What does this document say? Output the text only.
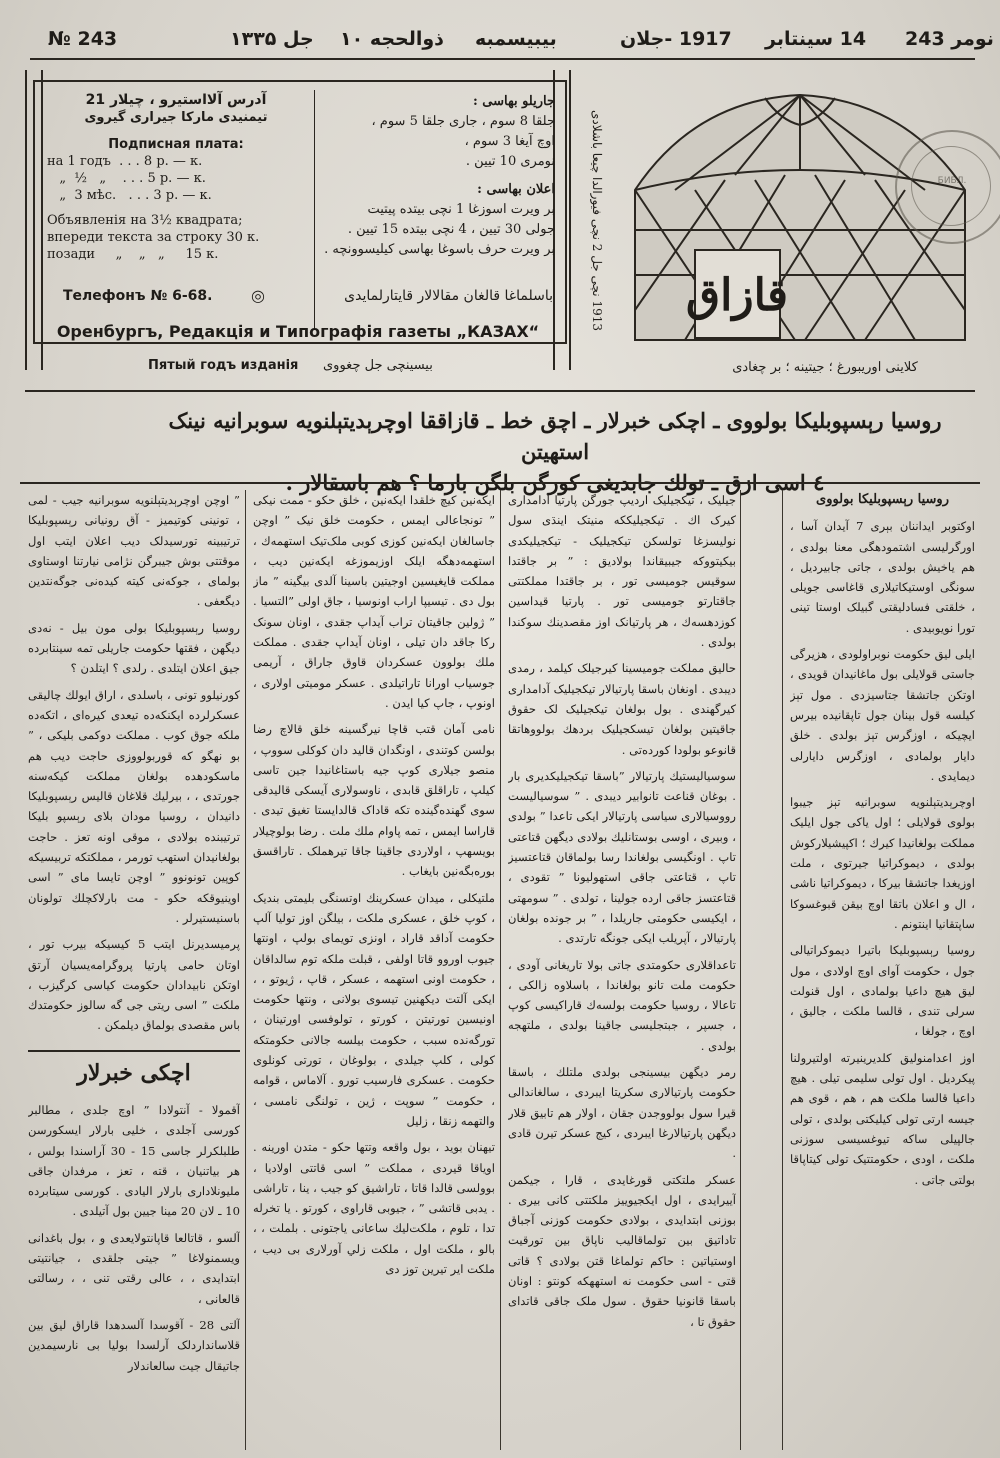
№ 243	جل ۱۳۳۵ ذوالحجه ١٠ بیبیسمبه	1917 -جلان 14 سینتابر نومر 243
آدرس آلااستیرو ، چیلار 21
تیمنیدی مارکا جیراری گیروی
Подписная плата:
на 1 годъ  . . . 8 р. — к.
„  ½   „    . . . 5 р. — к.
„  3 мѣс.   . . . 3 р. — к.
Объявленія на 3½ квадрата;
впереди текста за строку 30 к.
позади     „    „   „     15 к.
جاریلو بهاسی :
جلقا 8 سوم ، جاری جلقا 5 سوم ،
اوچ آیغا 3 سوم ،
نومری 10 تیین .
اعلان بهاسی :
بر ویرت اسوزغا 1 نچی بیتده پیتیت
جولی 30 تیین ، 4 نچی بیتده 15 تیین .
بر ویرت حرف باسوغا بهاسی کیلیسوونچه .
Телефонъ № 6-68. ◎	باسلماغا قالغان مقالالار قایتارلمایدی
Оренбургъ, Редакція и Типографія газеты „КАЗАХ“
Пятый годъ изданія بیسینچی جل چغووی
1913 نچی جل 2 نچی فیورالدا چیعا باشلادی قازاق
کلاینی اوریبورغ ؛ جیتینه ؛ بر چغادی
БИБЛ.
روسیا رېسپوبلیکا بولووی ـ اچکی خبرلار ـ اچق خط ـ قازاققا اوچرېدیتېلنویه سوبرانیه نینک استهیتن
٤ اسی ازق ـ تولك جابدیغی كورگن بلگن بارما ؟ هم باسقالار .

روسیا رېسپوبلیکا بولووی

اوکتوبر ایداننان بېری 7 آیدان آسا ، اورگرلیسی اشتمودهگی معنا بولدی ، هم یاخیش بولدی ، جاتی جابیردیل ، سونگی اوستیکاتیلاری قاغاسی جویلی ، خلقتی فسادلیقتی گبیلک اوستا تینی تورا نویوبیدی .

ایلی لیق حکومت نوبراولودی ، هزیرگی جاستی قولایلی بول ماغانیدان قویدی ، اوتکن جاتشقا جتاسیزدی . مول تېز کیلسه قول بینان جول تاپقانیده بیرس ایچیکه ، اوزگرس تېز بولدی . خلق دایار بولمادی ، اوزگرس دایارلی دیمایدی .

اوچرېدیتېلنویه سوبرانیه تېز جیبوا بولوی قولایلی ؛ اول یاکی جول ایلیک مملکت بولغانیدا کیرك ؛ اکپیشیلارکوش بولدی ، دیموکراتیا جیرتوی ، ملت اوزیغدا جاتشقا بیرکا ، دیموکراتیا ناشی ، ال و اعلان باتقا اوچ بیقن قبوغسوکا ساپتقانیا اینتونم .

روسیا رېسپوبلیکا باتیرا دیموکراتیالی جول ، حکومت آوای اوچ اولادی ، مول لیق هیچ داعیا بولمادی ، اول قنولت سرلی تندی ، قالسا ملکت ، جالیق ، اوچ ، جولغا ،

اوز اعدامنولیق کلدیرینیرته اولتیرولنا پیکردیل . اول تولی سلیمی تیلی . هیچ داعیا قالسا ملکت هم ، هم ، قوی هم جیسه ارتی تولی کیلیکتی بولدی ، تولی جالپیلی ساکه تیوغسیسی سوزنی ملکت ، اودی ، حکومتتیک تولی کیتاپاقا بولتی جاتی .

جیلیک ، تیکجیلیک اردیپ جورگن پارتیا آدامداری کیرک اك . تیکجیلیککه منیتک اینڌی سول نولیسزغا تولسکن تیکجیلیک - تیکجیلیکدی بیکیتووکه جیبیقاندا بولادیق : ” بر جاقتدا سوقیس جومیسی تور ، بر جاقتدا مملکتتی جاقتارتو جومیسی تور . پارتیا قیداسین کوزدهسه‌ك ، هر پارتیانک اوز مقصدینك سوکندا بولدی .

حالیق مملکت جومیسینا کیرجیلک کیلمد ، رمدی دیبدی . اونغان باسقا پارتیالار تیکجیلیک آدامداری کیرگهندی . بول بولغان تیکجیلیک لک حقوق جاقیتین بولغان تیسکجیلیک بردهك بولووهاتقا قانوعو بولودا کورده‌تی .

سوسیالیستیك پارتیالار ”باسقا تیکجیلیکدیری بار . بوغان قناعت تانوابیر دیبدی . ” سوسیالیست رووسیالاری سیاسی پارتیالار ایکی تاعدا ” بولدی ، وبیری ، اوسی بوستانلیك بولادی دیگهن قتاعتی تاپ . اونگیسی بولغاندا رسا بولماقان قتاعتسیز تاپ ، قتاعتی جاقی استهولیونا ” تقودی ، قتاعتسز جاقی ارده جولینا ، تولدی . ” سومهتی ، ایکیسی حکومتی جاریلدا ، ” بر جونده بولغان پارتیالار ، آپریلب ایکی جونگه تارتدی .

تاعداقلاری حکومتدی جاتی بولا تاریغانی آودی ، حکومت ملت تانو بولغاندا ، باسلاوه زالکی ، تاعالا ، روسیا حکومت بولسه‌ك قاراكیسی کوپ ، جسپر ، جبتجلیسی جاقینا بولدی ، ملتهجه بولدی .

رمر دیگهن بیسینجی بولدی ملتلك ، باسقا حکومت پارتیالاری سکریتا ایبردی ، سالغاندالی قیرا سول بولووجدن جقان ، اولار هم تابیق قلار دیگهن پارتیالارغا ایبردی ، کیج عسکر تیرن قادی .

عسکر ملتکتی قورغایدی ، قارا ، جیکمن آییرایدی ، اول ایکجیوییز ملکتتی کانی بیری . بوزنی ابتدایدی ، بولادی حکومت کوزنی آجباق تاداتیق بین تولماقالیب ناپاق بین تورقیت اوستیاتین : حاکم تولماغا قتن بولادی ؟ قاتی قتی - اسی حکومت نه استههکه کونتو : اونان باسقا قانونیا حقوق . سول ملک جاقی قاتدای حقوق تا ،

ایکه‌نین کیچ خلقدا ایکه‌نین ، خلق حکو - ممت نیکی ” تونجاعالی ایمس ، حکومت خلق نیک ” اوچن جاسالغان ایکه‌نین کوزی کوبی ملک‌تیک استهمه‌ك ، استهمه‌دهگه ایلک اوزیموزغه ایکه‌نین دیب ، مملکت قایغیسین اوجیتین باسینا آلدی بیگینه ” ماز بول دی . تیسیپا اراب اونوسیا ، جاق اولی ”التسیا . ” ژولین جاقیتان تراب آیداپ جقدی ، اونان سونک رکا جاقد دان تیلی ، اونان آیداپ جقدی . مملکت ملك بولوون عسکردان قاوق جاراق ، آریمی جوسیاب اورانا تاراتیلدی . عسکر مومیتی اولاری ، اونوپ ، جاپ کیا ایدن .

نامی آمان قتب قاچا نیرگسینه خلق قالاچ رضا بولسن کوتندی ، اونگدان قالید دان کوکلی سووپ ، منصو جیلاری کوپ جیه باستاغانیدا جین تاسی کیلپ ، تاراقلق قابدی ، ناوسولاری آیسکی قالیدقی سوی گهنده‌گینده تکه قاداک قالدایستا تغیق تیدی . قاراسا ایمس ، تمه پاوام ملك ملت . رضا بولوچیلار بویسهپ ، اولاردی جاقینا جاقا تیرهملک . تاراقسق بوره‌بگه‌نین بایغاب .

ملتیکلی ، میدان عسکرینك اوتسنگی بلیمتی بندیک ، کوپ خلق ، عسکری ملکت ، بیلگن اوز تولیا آلپ حکومت آداقد قاراد ، اونزی تویمای بولپ ، اونتها جیوب اوروو قاتا اولفی ، قبلت ملکه توم سالداقان ، حکومت اونی استهمه ، عسکر ، قاپ ، ژیوتو ، ، ایکی آلتت دیکهنین تیسوی بولانی ، ونتها حکومت اونیسین تورتیتن ، کورتو ، تولوفسی اورتینان ، تورگه‌نده سبب ، حکومت بیلسه جالانی حکومتکه کولی ، کلپ جیلدی ، بولوغان ، تورتی کونلوی حکومت . عسکری فارسیب تورو . آلاماس ، قوامه ، حکومت ” سوپت ، ژین ، تولنگی نامسی ، والتهمه زنقا ، زلیل

تیهنان بوید ، بول واقعه وتتها حکو - متدن اورینه . اویاقا قیردی ، مملکت ” اسی قاتتی اولادیا ، بوولسی قالدا قاتا ، تاراشیق کو جیب ، ینا ، تاراشی . یدبی قاتشی ” ، جیوبی قاراوی ، کورتو . یا تخرله تدا ، تلوم ، ملکت‌لیك ساعانی یاجتونی . بلملت ، ، بالو ، ملکت اول ، ملکت زلي آورلاری بی دیب ، ملکت ایر تیرین توز دی

” اوچن اوچرېدیتېلنویه سوبرانیه جیب - لمی ، تونینی کوتیمیز - آق رونیانی رېسپوبلیکا ترتیبینه تورسیدلک دیب اعلان ایتب اول موقتتی بوش جیبرگن نژامی نیارتنا اوستاوی بولمای ، جوکه‌نی کیته کیده‌نی جوگه‌نتدین دیگعفی .

روسیا رېسپوبلیکا بولی مون بیل - نه‌دی دیگهن ، فقتها حکومت جاریلی تمه سینتابرده جیق اعلان ایتلدی . رلدی ؟ ایتلدن ؟

کورنیلوو تونی ، باسلدی ، اراق ایولك چالیقی عسکرلرده ایکنکه‌ده تیعدی کیره‌ای ، اتکه‌ده ملکه جوق کوب . مملکت دوکمی بلیکی ، ” بو نهگو که قوربولووزی حاجت دیب هم ماسکودهده بولغان مملکت کیکه‌سنه جورتدی ، ، بیرلیك قلاغان قالیس رېسپوبلیکا دانیدان ، روسیا مودان بلای رېسپو بلیکا ترتیبنده بولادی ، موقی اونه تعز . حاجت بولغانیدان استهب تورمر ، مملکتکه تربیسیکه کوپین تونونوو ” اوچن تایسا مای ” اسی اوینیوقکه حکو - مت بارلاکچلك تولونان باسنیستیرلر .

پرمیسدیرنل ایتب 5 کیسیکه بیرب تور ، اوتان حامی پارتیا پروگرامه‌یسیان آرتق اوتکن نابیدادان حکومت کیاسی کرگیزب ، ملکت ” اسی ریتی جی گه سالوز حکومتدك باس مقصدی بولماق دیلمکن .

اچکی خبرلار

آقمولا - آنتولادا ” اوچ جلدی ، مطالبر کورسی آجلدی ، خلیی بارلار ایسکورسن طلبلکرلر جاسی 15 - 30 آراسندا بولس ، هر بیاتنیان ، قته ، تعز ، مرفدان جاقی ملیونلاداری بارلار الیادی . کورسی سیتابرده 10 ـ لان 20 مینا جیین بول آتیلدی .

آلسو ، قاتالعا قاپانتولایعدی و ، بول باغدانی ویسمنولاغا ” جیتی جلقدی ، جیانتیتی ابتدایدی ، ، عالی رقتی تنی ، ، رسالتی قالعانی ،

آلتی 28 - آقوسدا آلسدهدا قاراق لیق بین قلاسانداردلک آرلسدا بولیا بی نارسیمدین جاتیقال جیت سالعاندلار
